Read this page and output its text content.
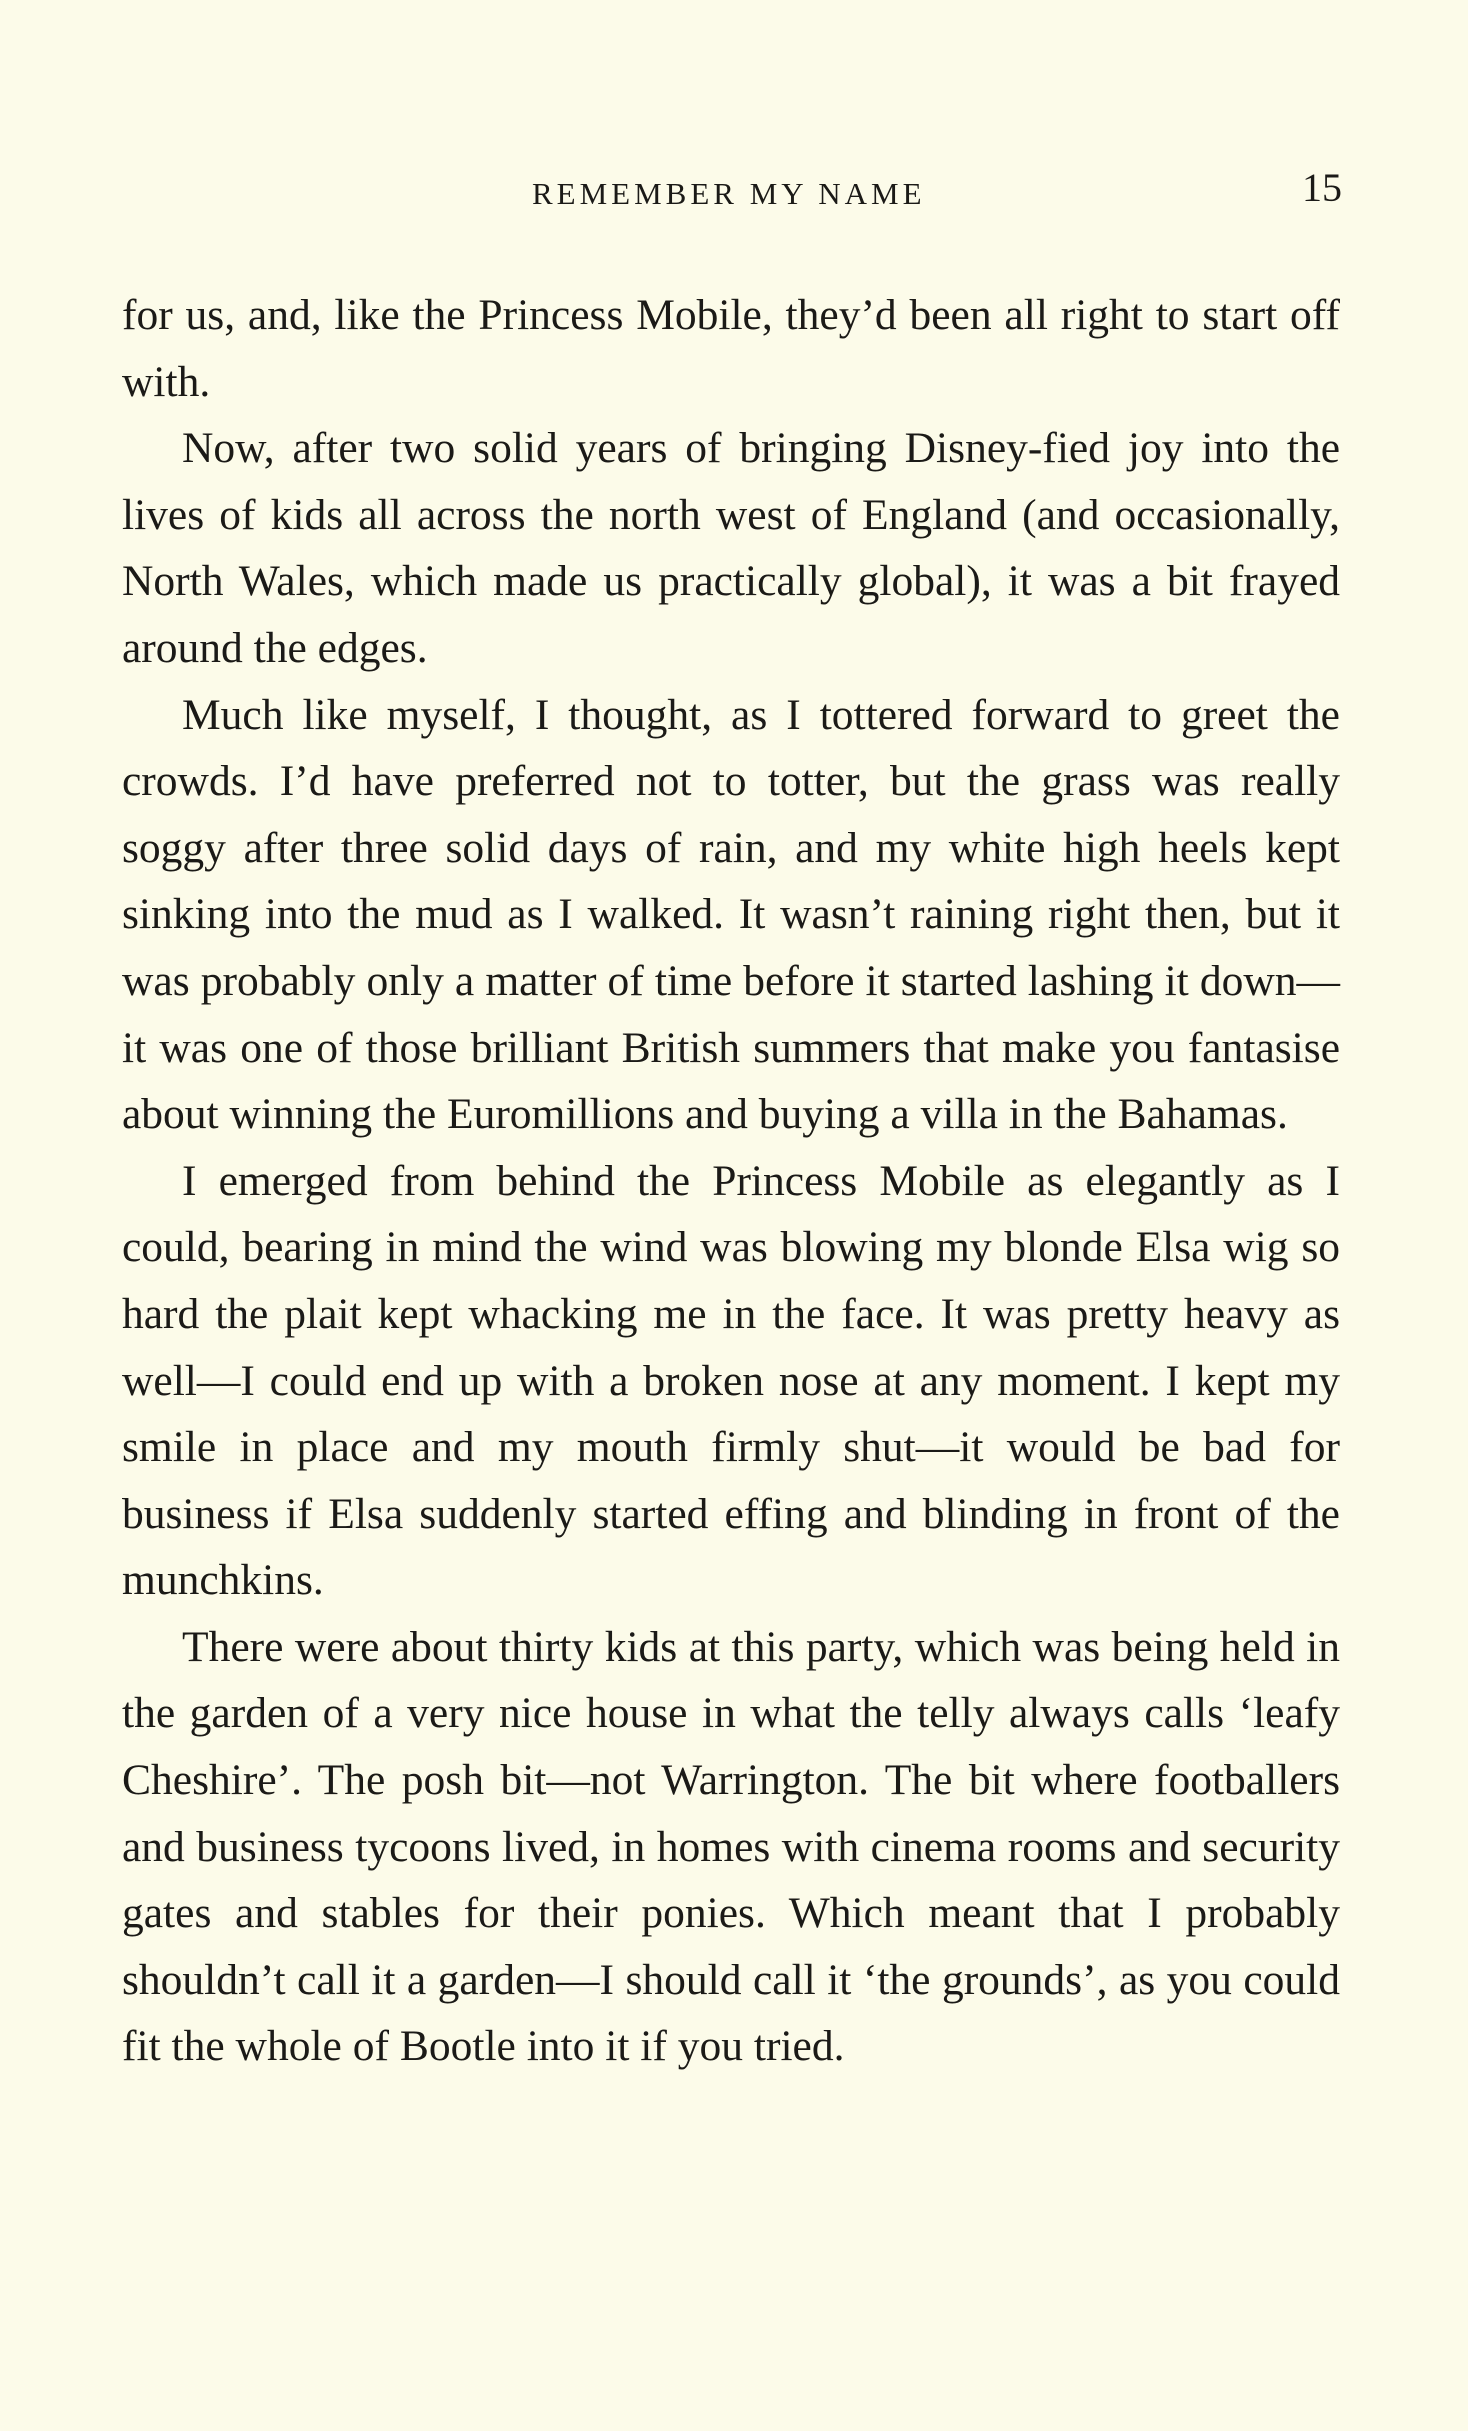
REMEMBER MY NAME	15

for us, and, like the Princess Mobile, they’d been all right to start off with.

Now, after two solid years of bringing Disney-fied joy into the lives of kids all across the north west of England (and occasionally, North Wales, which made us practically global), it was a bit frayed around the edges.

Much like myself, I thought, as I tottered forward to greet the crowds. I’d have preferred not to totter, but the grass was really soggy after three solid days of rain, and my white high heels kept sinking into the mud as I walked. It wasn’t raining right then, but it was probably only a matter of time before it started lashing it down—it was one of those brilliant British summers that make you fantasise about winning the Euromillions and buying a villa in the Bahamas.

I emerged from behind the Princess Mobile as elegantly as I could, bearing in mind the wind was blowing my blonde Elsa wig so hard the plait kept whacking me in the face. It was pretty heavy as well—I could end up with a broken nose at any moment. I kept my smile in place and my mouth firmly shut—it would be bad for business if Elsa suddenly started effing and blinding in front of the munchkins.

There were about thirty kids at this party, which was being held in the garden of a very nice house in what the telly always calls ‘leafy Cheshire’. The posh bit—not Warrington. The bit where footballers and business tycoons lived, in homes with cinema rooms and security gates and stables for their ponies. Which meant that I probably shouldn’t call it a garden—I should call it ‘the grounds’, as you could fit the whole of Bootle into it if you tried.
